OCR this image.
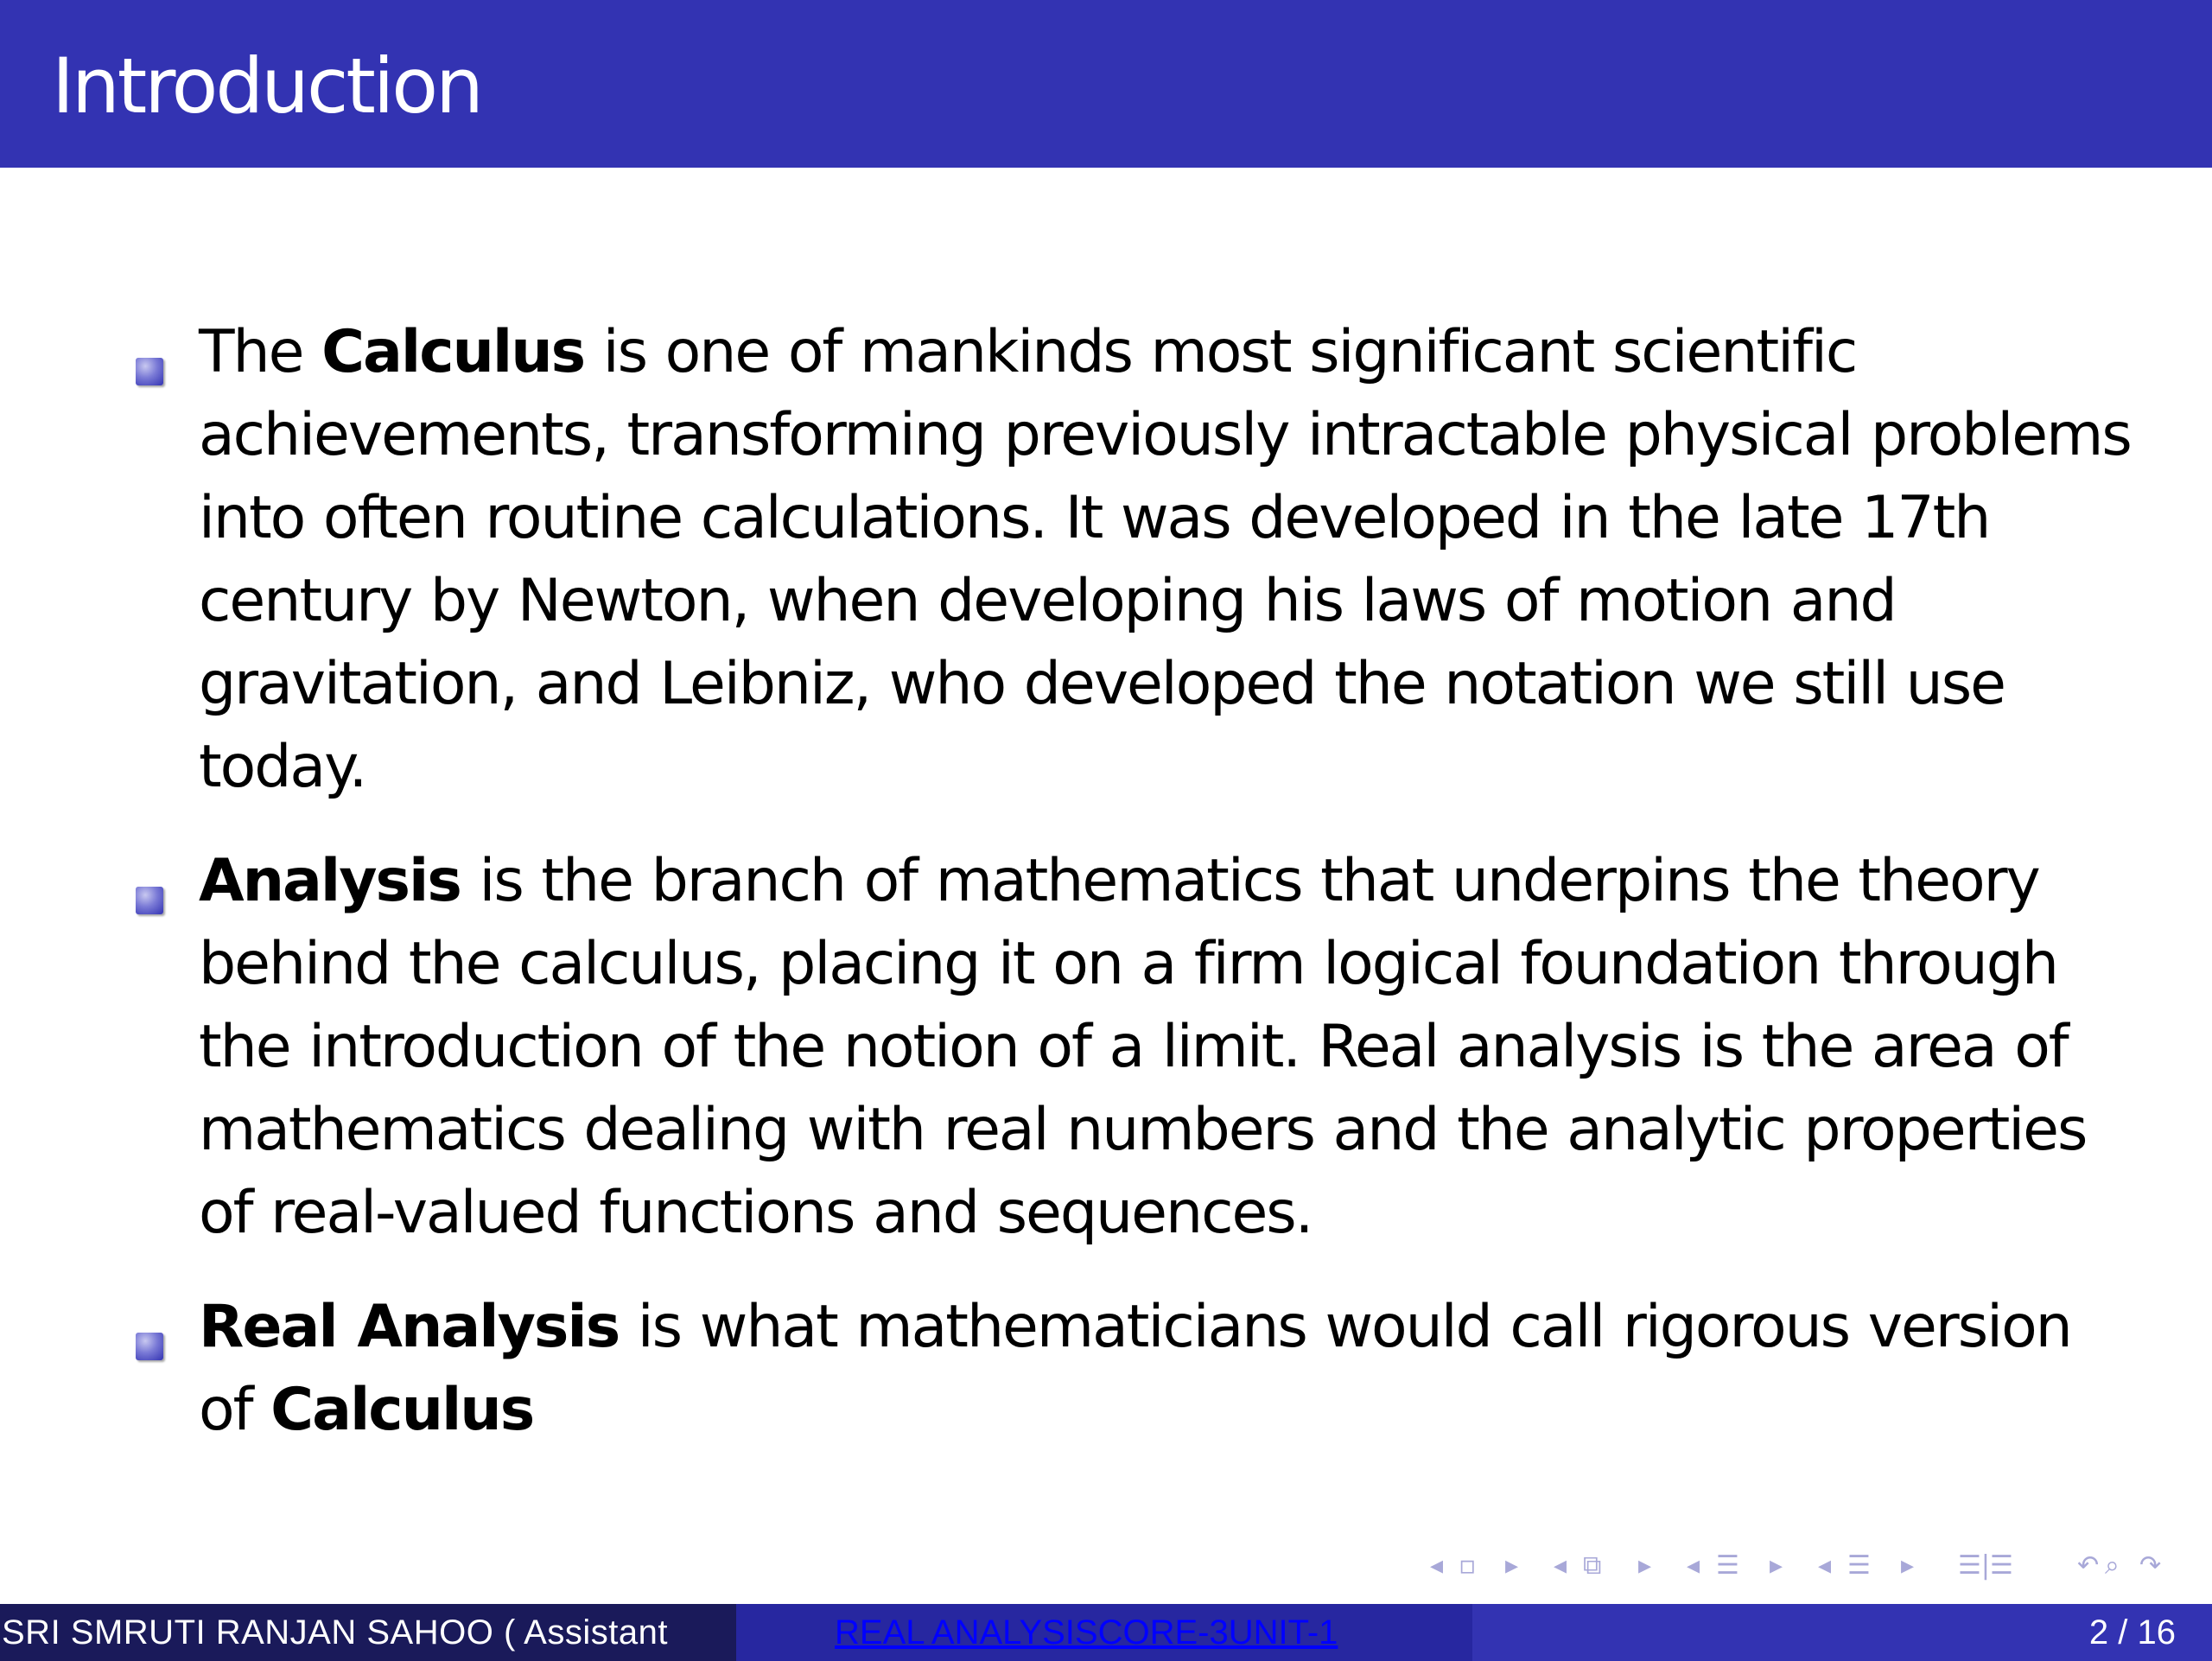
Introduction
The Calculus is one of mankinds most significant scientific achievements, transforming previously intractable physical problems into often routine calculations. It was developed in the late 17th century by Newton, when developing his laws of motion and gravitation, and Leibniz, who developed the notation we still use today.
Analysis is the branch of mathematics that underpins the theory behind the calculus, placing it on a firm logical foundation through the introduction of the notion of a limit. Real analysis is the area of mathematics dealing with real numbers and the analytic properties of real-valued functions and sequences.
Real Analysis is what mathematicians would call rigorous version of Calculus
◂ ▫ ▸ ◂ ⧉ ▸ ◂ ☰ ▸ ◂ ☰ ▸ ☰|☰ ↶ ⌕ ↷
SRI SMRUTI RANJAN SAHOO ( Assistant	REAL ANALYSISCORE-3UNIT-1	2 / 16
